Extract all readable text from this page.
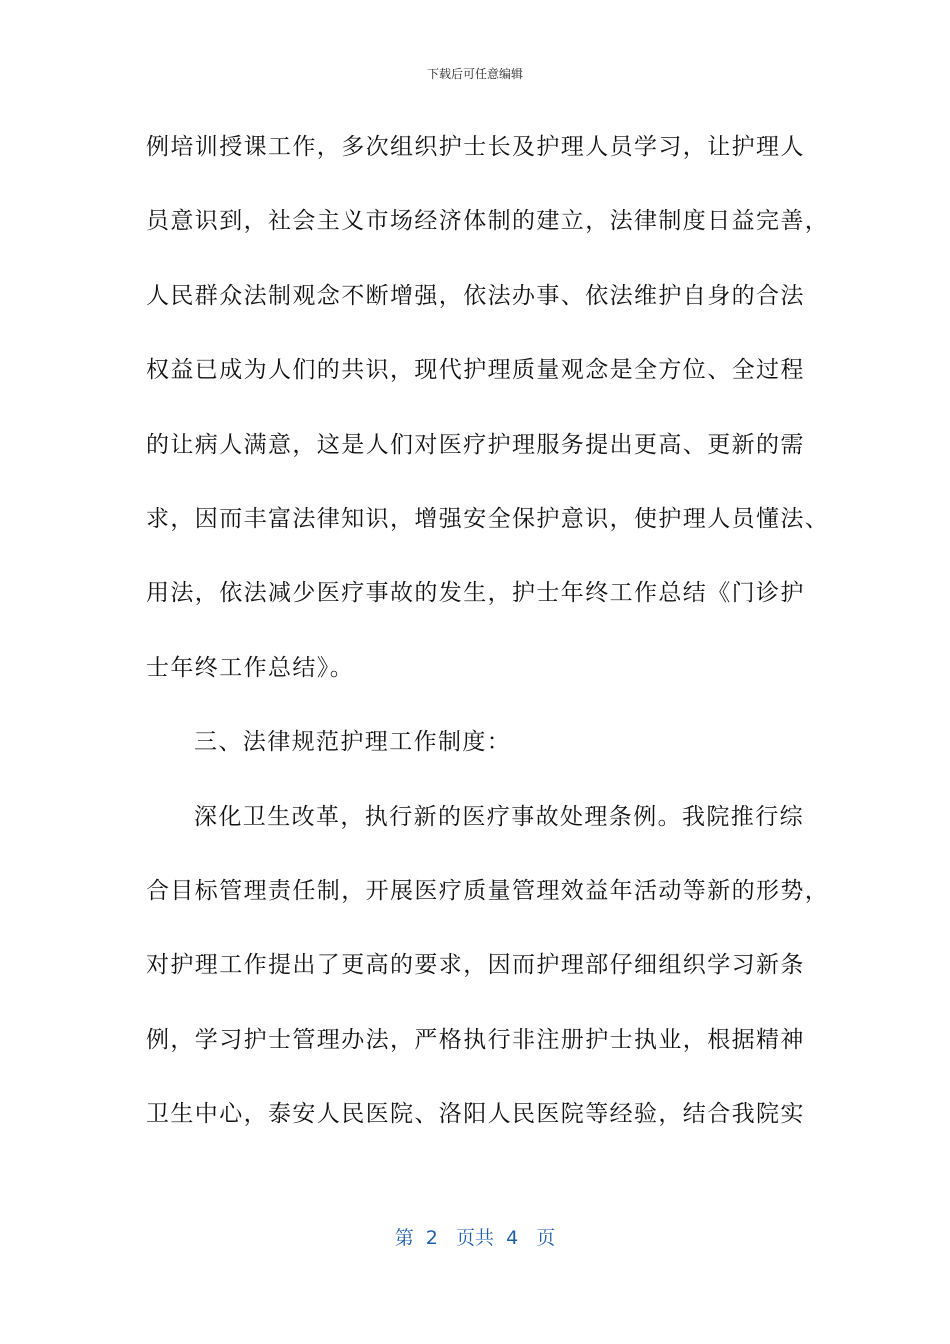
下载后可任意编辑
例培训授课工作，多次组织护士长及护理人员学习，让护理人
员意识到，社会主义市场经济体制的建立，法律制度日益完善，
人民群众法制观念不断增强，依法办事、依法维护自身的合法
权益已成为人们的共识，现代护理质量观念是全方位、全过程
的让病人满意，这是人们对医疗护理服务提出更高、更新的需
求，因而丰富法律知识，增强安全保护意识，使护理人员懂法、
用法，依法减少医疗事故的发生，护士年终工作总结《门诊护
士年终工作总结》。
三、法律规范护理工作制度：
深化卫生改革，执行新的医疗事故处理条例。我院推行综
合目标管理责任制，开展医疗质量管理效益年活动等新的形势，
对护理工作提出了更高的要求，因而护理部仔细组织学习新条
例，学习护士管理办法，严格执行非注册护士执业，根据精神
卫生中心，泰安人民医院、洛阳人民医院等经验，结合我院实
第  2   页共  4   页
